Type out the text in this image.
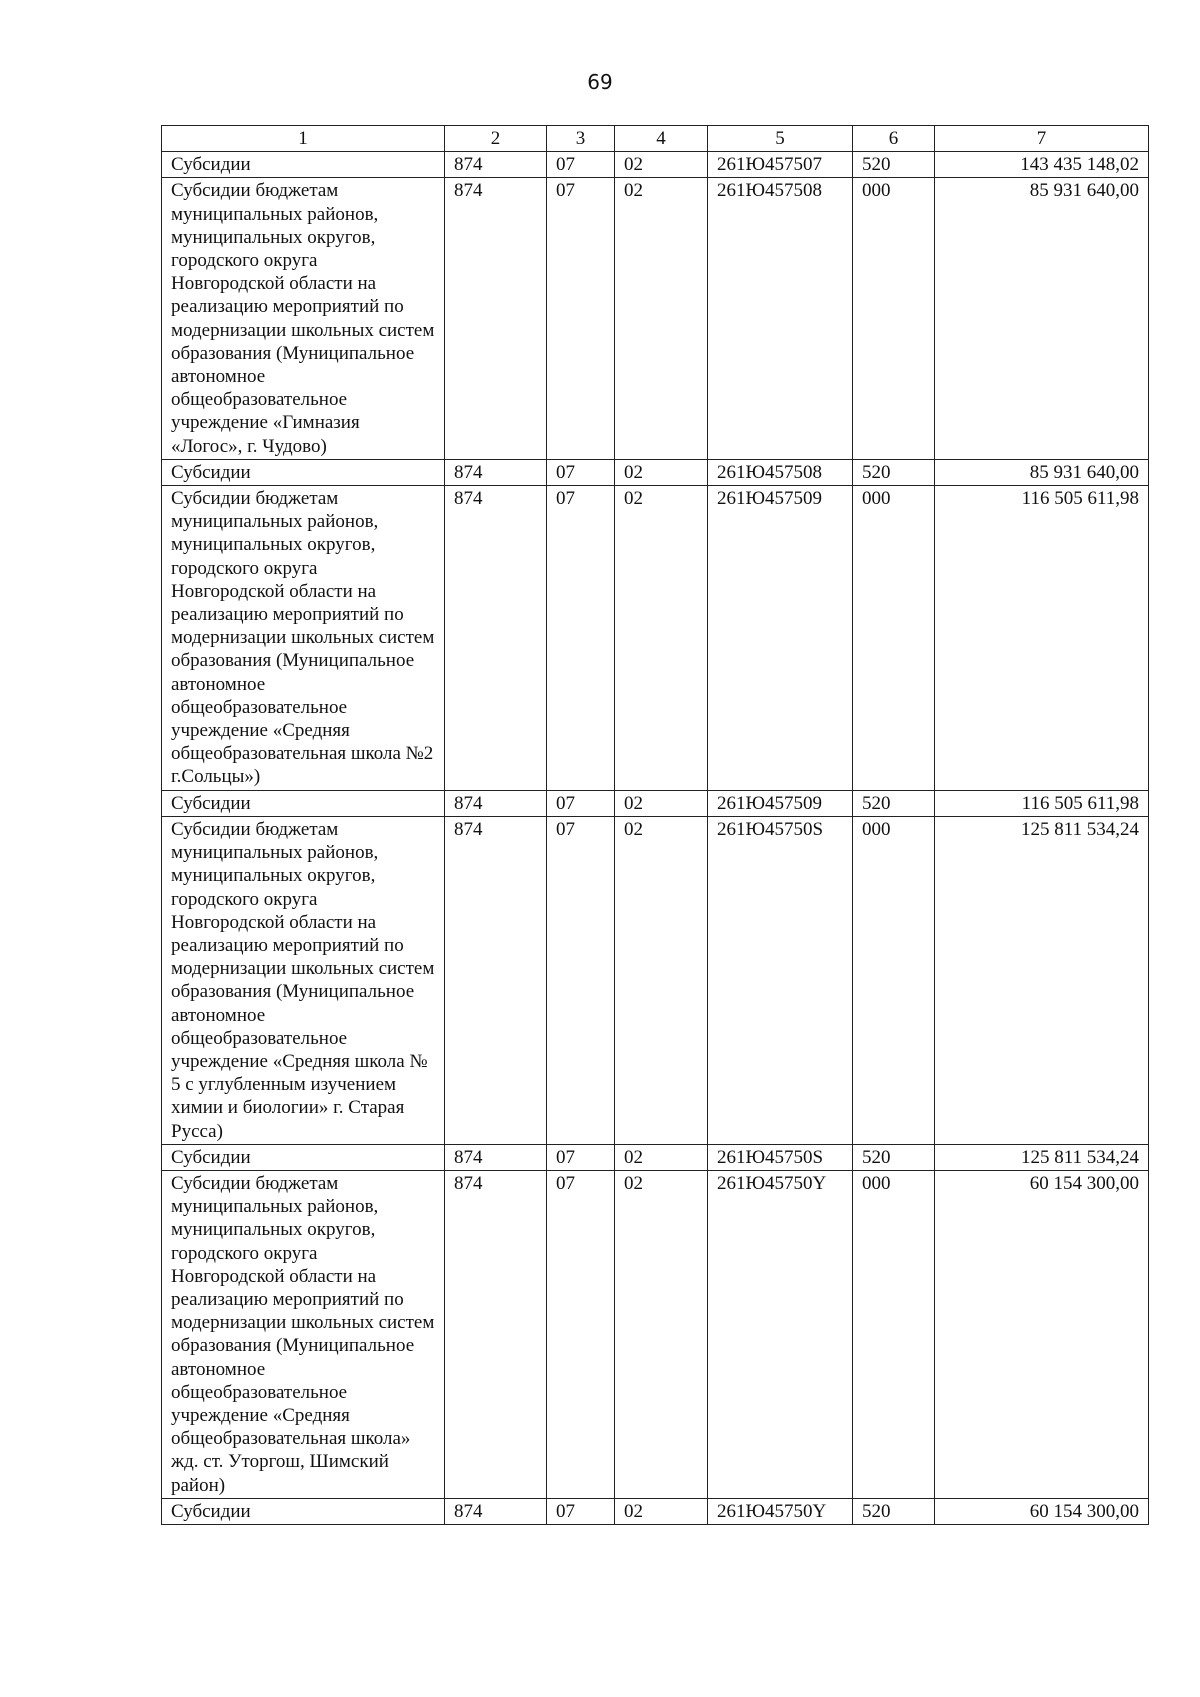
69
1	2	3	4	5	6	7
Субсидии	874	07	02	261Ю457507	520	143 435 148,02
Субсидии бюджетам муниципальных районов, муниципальных округов, городского округа Новгородской области на реализацию мероприятий по модернизации школьных систем образования (Муниципальное автономное общеобразовательное учреждение «Гимназия «Логос», г. Чудово)	874	07	02	261Ю457508	000	85 931 640,00
Субсидии	874	07	02	261Ю457508	520	85 931 640,00
Субсидии бюджетам муниципальных районов, муниципальных округов, городского округа Новгородской области на реализацию мероприятий по модернизации школьных систем образования (Муниципальное автономное общеобразовательное учреждение «Средняя общеобразовательная школа №2 г.Сольцы»)	874	07	02	261Ю457509	000	116 505 611,98
Субсидии	874	07	02	261Ю457509	520	116 505 611,98
Субсидии бюджетам муниципальных районов, муниципальных округов, городского округа Новгородской области на реализацию мероприятий по модернизации школьных систем образования (Муниципальное автономное общеобразовательное учреждение «Средняя школа № 5 с углубленным изучением химии и биологии» г. Старая Русса)	874	07	02	261Ю45750S	000	125 811 534,24
Субсидии	874	07	02	261Ю45750S	520	125 811 534,24
Субсидии бюджетам муниципальных районов, муниципальных округов, городского округа Новгородской области на реализацию мероприятий по модернизации школьных систем образования (Муниципальное автономное общеобразовательное учреждение «Средняя общеобразовательная школа» жд. ст. Уторгош, Шимский район)	874	07	02	261Ю45750Y	000	60 154 300,00
Субсидии	874	07	02	261Ю45750Y	520	60 154 300,00
